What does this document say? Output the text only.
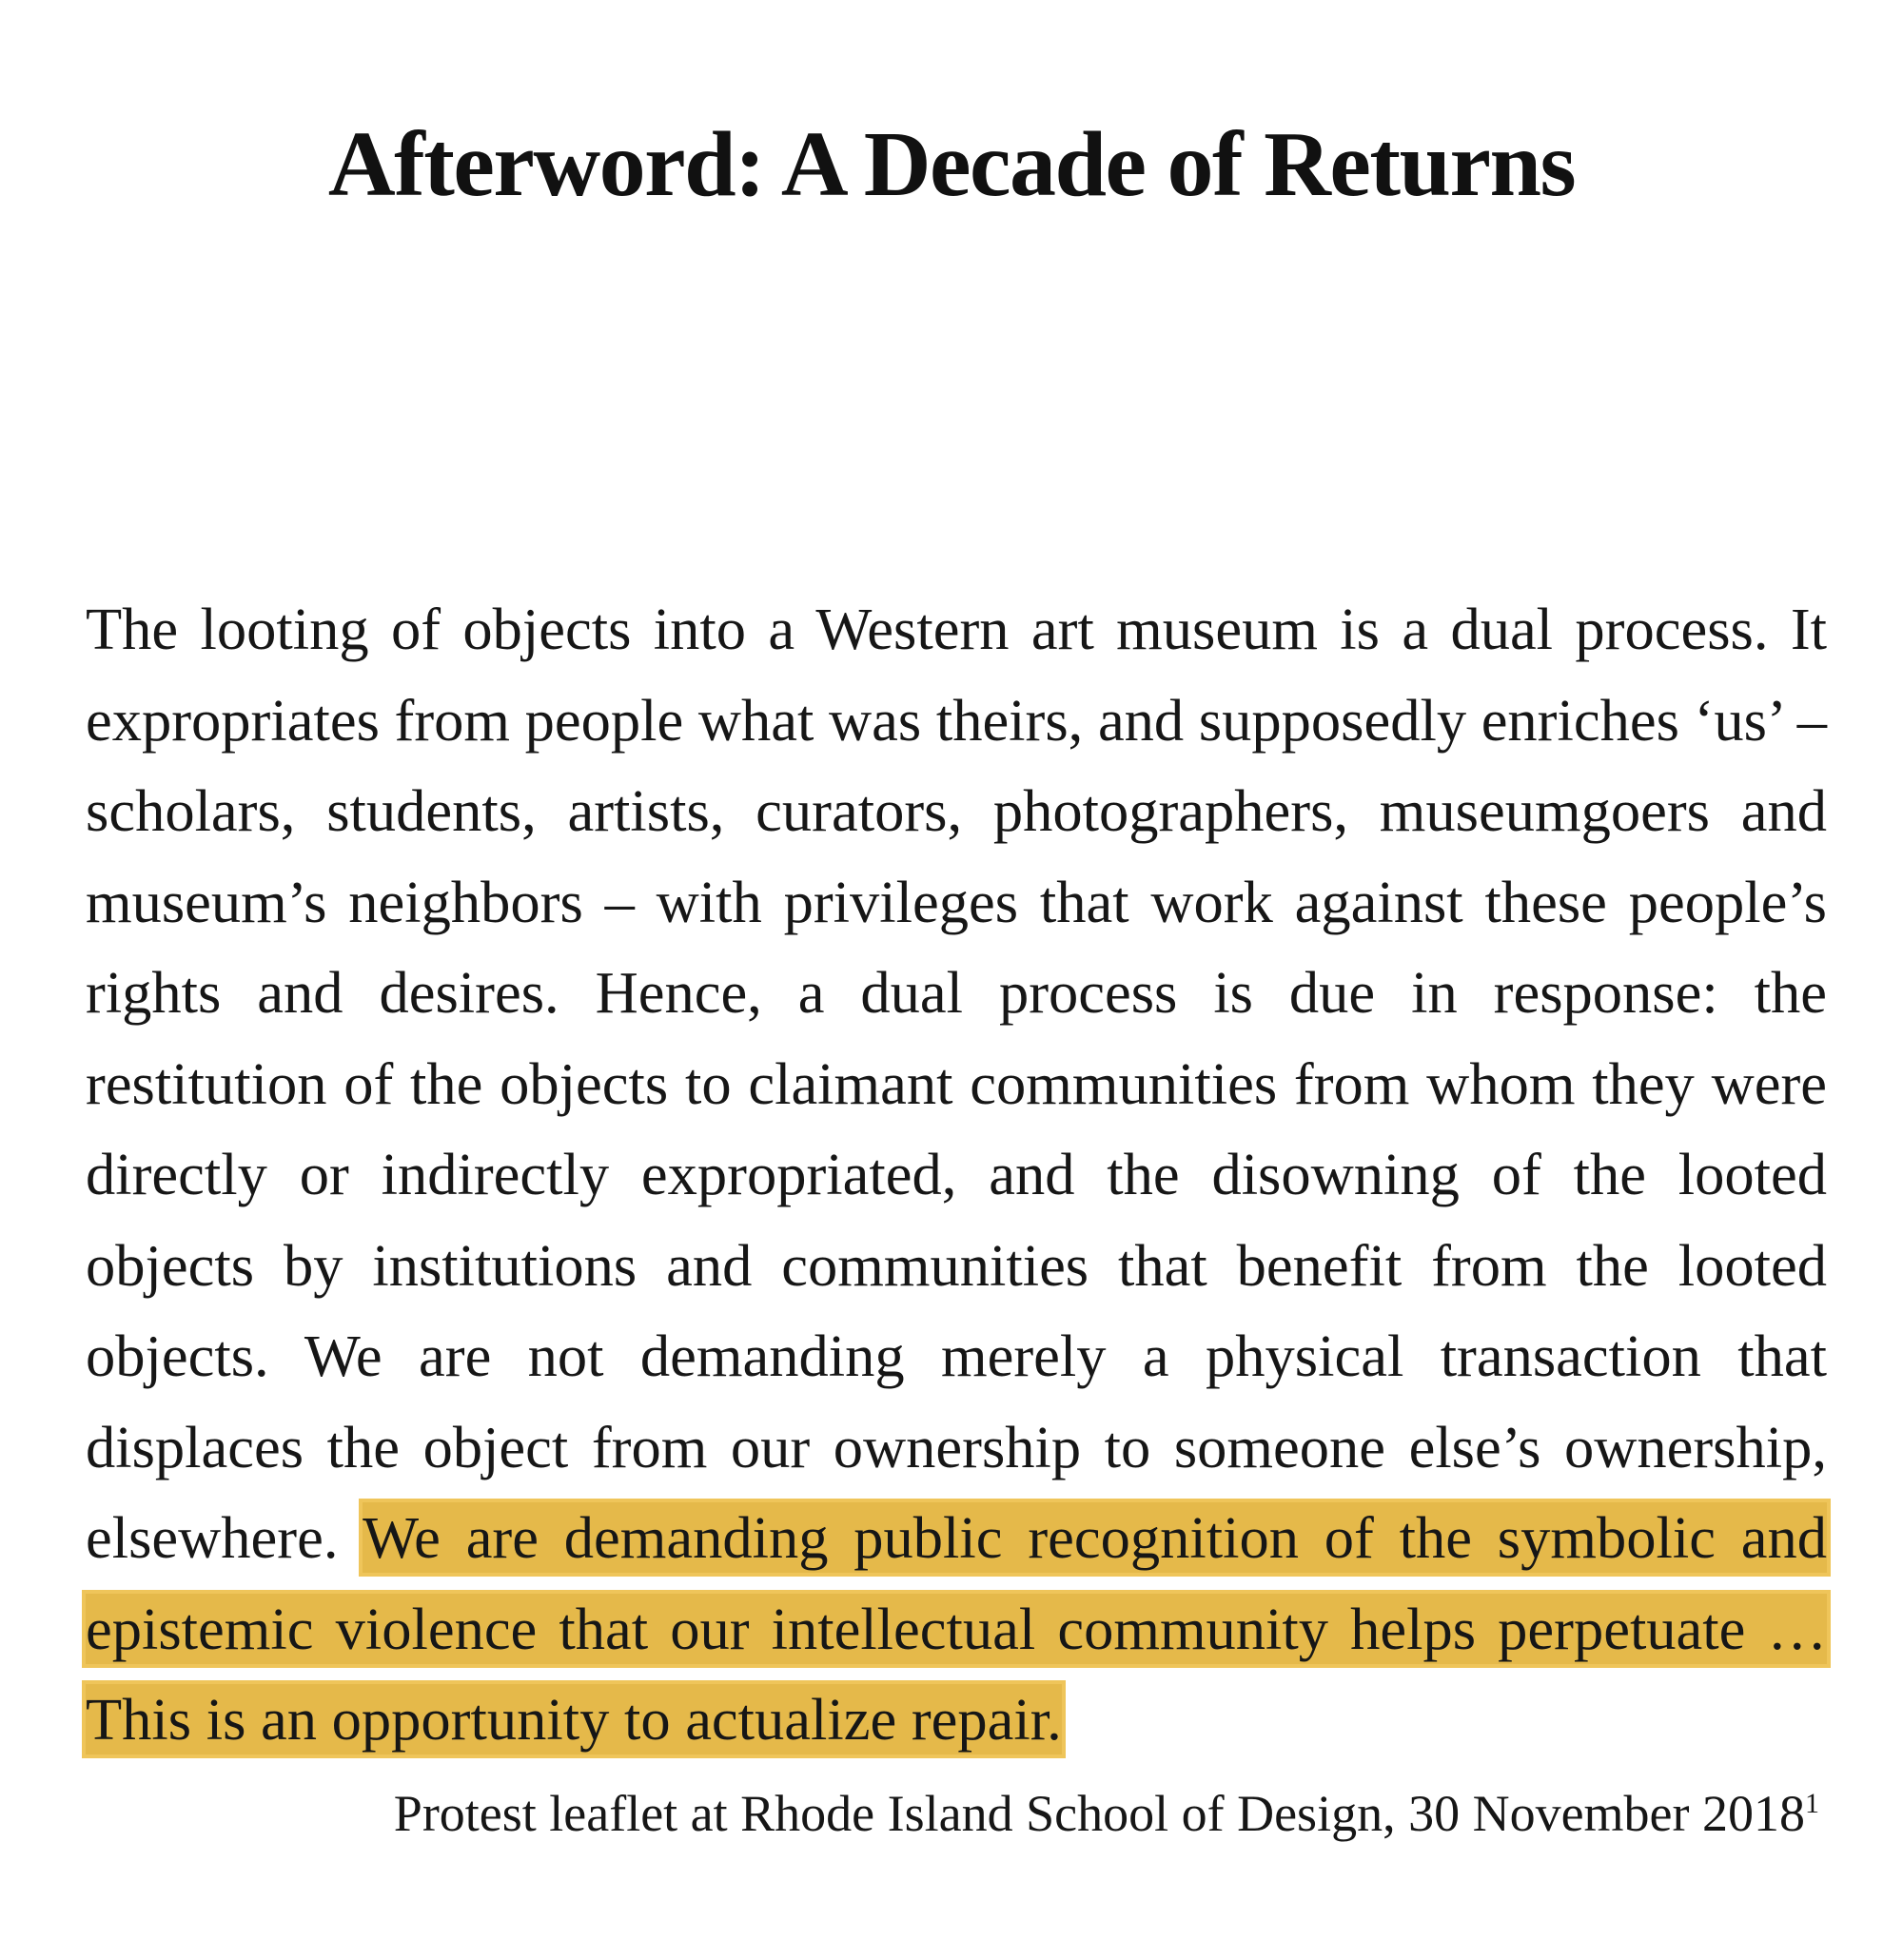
Afterword: A Decade of Returns

The looting of objects into a Western art museum is a dual process. It expropriates from people what was theirs, and supposedly enriches ‘us’ – scholars, students, artists, curators, photographers, museumgoers and museum’s neighbors – with privileges that work against these people’s rights and desires. Hence, a dual process is due in response: the restitution of the objects to claimant communities from whom they were directly or indirectly expropriated, and the disowning of the looted objects by institutions and communities that benefit from the looted objects. We are not demanding merely a physical transaction that displaces the object from our ownership to someone else’s ownership, elsewhere. We are demanding public recognition of the symbolic and epistemic violence that our intellectual community helps perpetuate … This is an opportunity to actualize repair.

Protest leaflet at Rhode Island School of Design, 30 November 2018$^1$
